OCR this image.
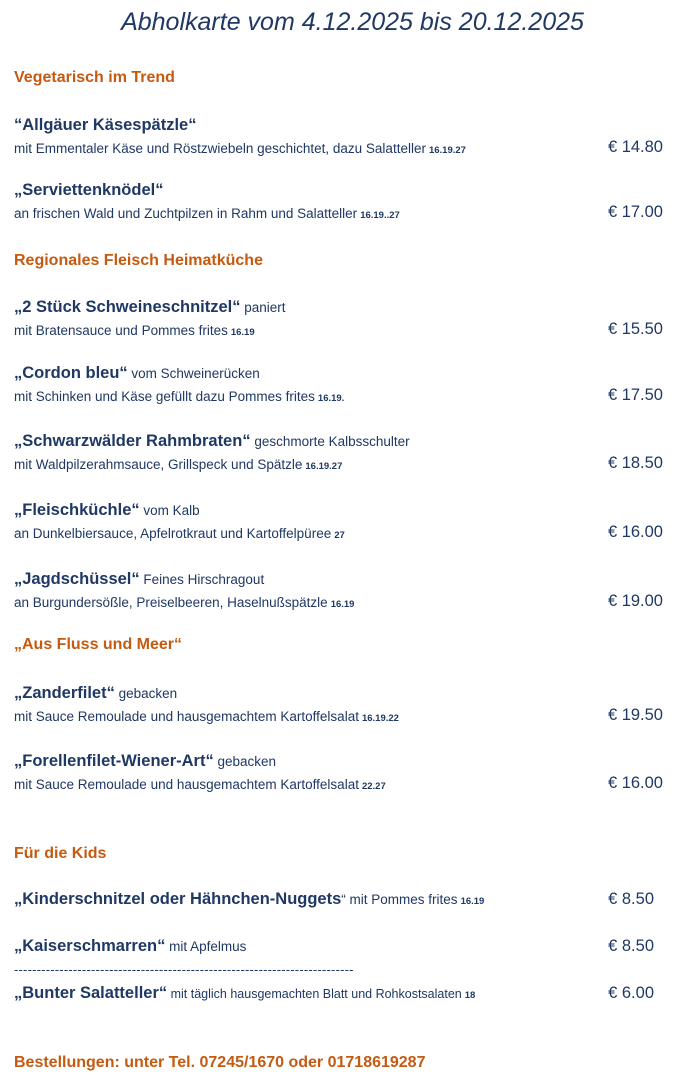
Abholkarte vom 4.12.2025 bis 20.12.2025
Vegetarisch im Trend
“Allgäuer Käsespätzle“
mit Emmentaler Käse und Röstzwiebeln geschichtet, dazu Salatteller 16.19.27	€ 14.80
„Serviettenknödel“
an frischen Wald und Zuchtpilzen in Rahm und Salatteller 16.19..27	€ 17.00
Regionales Fleisch Heimatküche
„2 Stück Schweineschnitzel“ paniert
mit Bratensauce und Pommes frites 16.19	€ 15.50
„Cordon bleu“ vom Schweinerücken
mit Schinken und Käse gefüllt dazu Pommes frites 16.19.	€ 17.50
„Schwarzwälder Rahmbraten“ geschmorte Kalbsschulter
mit Waldpilzerahmsauce, Grillspeck und Spätzle 16.19.27	€ 18.50
„Fleischküchle“ vom Kalb
an Dunkelbiersauce, Apfelrotkraut und Kartoffelpüree 27	€ 16.00
„Jagdschüssel“ Feines Hirschragout
an Burgundersößle, Preiselbeeren, Haselnußspätzle 16.19	€ 19.00
„Aus Fluss und Meer“
„Zanderfilet“ gebacken
mit Sauce Remoulade und hausgemachtem Kartoffelsalat 16.19.22	€ 19.50
„Forellenfilet-Wiener-Art“ gebacken
mit Sauce Remoulade und hausgemachtem Kartoffelsalat 22.27	€ 16.00
Für die Kids
„Kinderschnitzel oder Hähnchen-Nuggets“ mit Pommes frites 16.19	€ 8.50
„Kaiserschmarren“ mit Apfelmus	€ 8.50
---------------------------------------------------------------------------
„Bunter Salatteller“ mit täglich hausgemachten Blatt und Rohkostsalaten 18	€ 6.00
Bestellungen: unter Tel. 07245/1670 oder 01718619287
